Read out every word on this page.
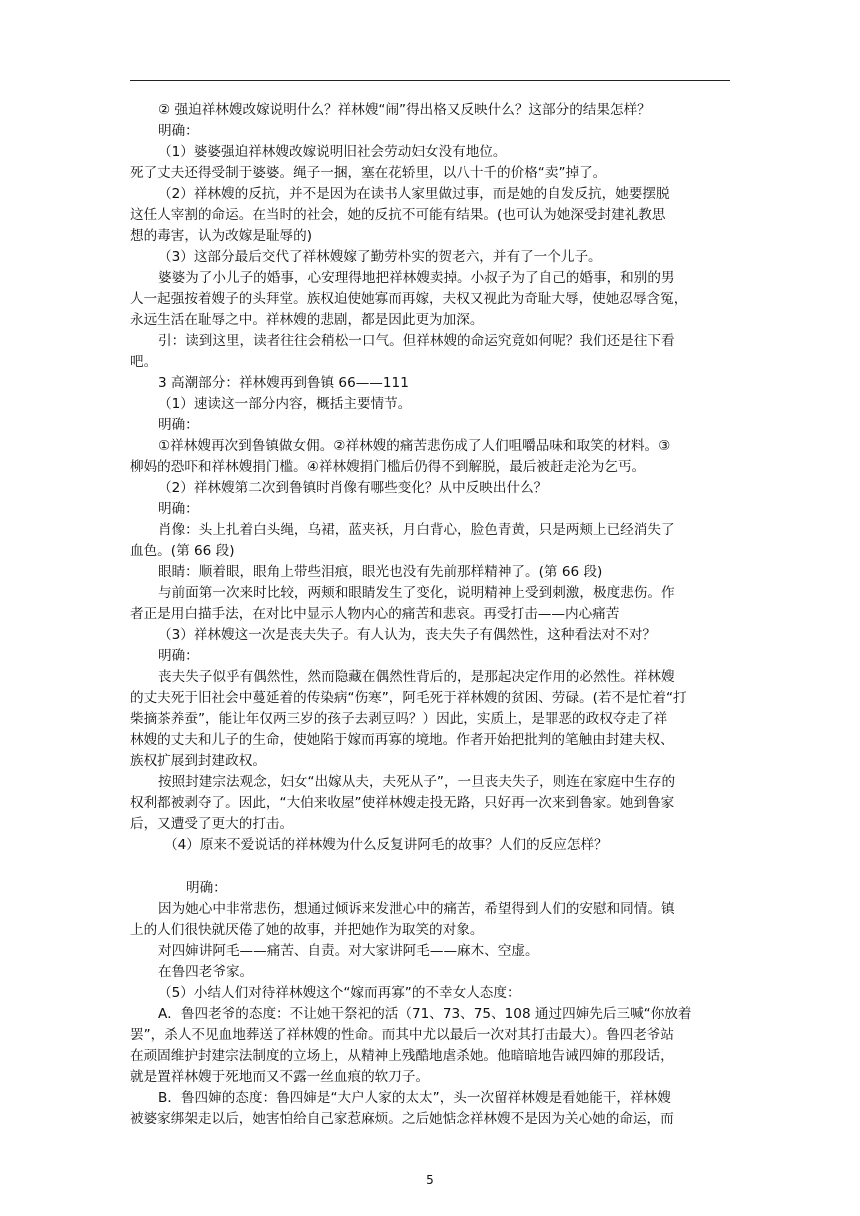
② 强迫祥林嫂改嫁说明什么？祥林嫂“闹”得出格又反映什么？这部分的结果怎样？
明确：
（1）婆婆强迫祥林嫂改嫁说明旧社会劳动妇女没有地位。
死了丈夫还得受制于婆婆。绳子一捆，塞在花轿里，以八十千的价格“卖”掉了。
（2）祥林嫂的反抗，并不是因为在读书人家里做过事，而是她的自发反抗，她要摆脱
这任人宰割的命运。在当时的社会，她的反抗不可能有结果。(也可认为她深受封建礼教思
想的毒害，认为改嫁是耻辱的)
（3）这部分最后交代了祥林嫂嫁了勤劳朴实的贺老六，并有了一个儿子。
婆婆为了小儿子的婚事，心安理得地把祥林嫂卖掉。小叔子为了自己的婚事，和别的男
人一起强按着嫂子的头拜堂。族权迫使她寡而再嫁，夫权又视此为奇耻大辱，使她忍辱含冤，
永远生活在耻辱之中。祥林嫂的悲剧，都是因此更为加深。
引：读到这里，读者往往会稍松一口气。但祥林嫂的命运究竟如何呢？我们还是往下看
吧。
3 高潮部分：祥林嫂再到鲁镇 66——111
（1）速读这一部分内容，概括主要情节。
明确：
①祥林嫂再次到鲁镇做女佣。②祥林嫂的痛苦悲伤成了人们咀嚼品味和取笑的材料。③
柳妈的恐吓和祥林嫂捐门槛。④祥林嫂捐门槛后仍得不到解脱，最后被赶走沦为乞丐。
（2）祥林嫂第二次到鲁镇时肖像有哪些变化？从中反映出什么？
明确：
肖像：头上扎着白头绳，乌裙，蓝夹袄，月白背心，脸色青黄，只是两颊上已经消失了
血色。(第 66 段)
眼睛：顺着眼，眼角上带些泪痕，眼光也没有先前那样精神了。(第 66 段)
与前面第一次来时比较，两颊和眼睛发生了变化，说明精神上受到刺激，极度悲伤。作
者正是用白描手法，在对比中显示人物内心的痛苦和悲哀。再受打击——内心痛苦
（3）祥林嫂这一次是丧夫失子。有人认为，丧夫失子有偶然性，这种看法对不对？
明确：
丧夫失子似乎有偶然性，然而隐藏在偶然性背后的，是那起决定作用的必然性。祥林嫂
的丈夫死于旧社会中蔓延着的传染病“伤寒”，阿毛死于祥林嫂的贫困、劳碌。(若不是忙着“打
柴摘茶养蚕”，能让年仅两三岁的孩子去剥豆吗？）因此，实质上，是罪恶的政权夺走了祥
林嫂的丈夫和儿子的生命，使她陷于嫁而再寡的境地。作者开始把批判的笔触由封建夫权、
族权扩展到封建政权。
按照封建宗法观念，妇女“出嫁从夫，夫死从子”，一旦丧夫失子，则连在家庭中生存的
权利都被剥夺了。因此，“大伯来收屋”使祥林嫂走投无路，只好再一次来到鲁家。她到鲁家
后，又遭受了更大的打击。
（4）原来不爱说话的祥林嫂为什么反复讲阿毛的故事？人们的反应怎样？
明确：
因为她心中非常悲伤，想通过倾诉来发泄心中的痛苦，希望得到人们的安慰和同情。镇
上的人们很快就厌倦了她的故事，并把她作为取笑的对象。
对四婶讲阿毛——痛苦、自责。对大家讲阿毛——麻木、空虚。
在鲁四老爷家。
（5）小结人们对待祥林嫂这个“嫁而再寡”的不幸女人态度：
A．鲁四老爷的态度：不让她干祭祀的活（71、73、75、108 通过四婶先后三喊“你放着
罢”，杀人不见血地葬送了祥林嫂的性命。而其中尤以最后一次对其打击最大）。鲁四老爷站
在顽固维护封建宗法制度的立场上，从精神上残酷地虐杀她。他暗暗地告诫四婶的那段话，
就是置祥林嫂于死地而又不露一丝血痕的软刀子。
B．鲁四婶的态度：鲁四婶是“大户人家的太太”，头一次留祥林嫂是看她能干，祥林嫂
被婆家绑架走以后，她害怕给自己家惹麻烦。之后她惦念祥林嫂不是因为关心她的命运，而
5
